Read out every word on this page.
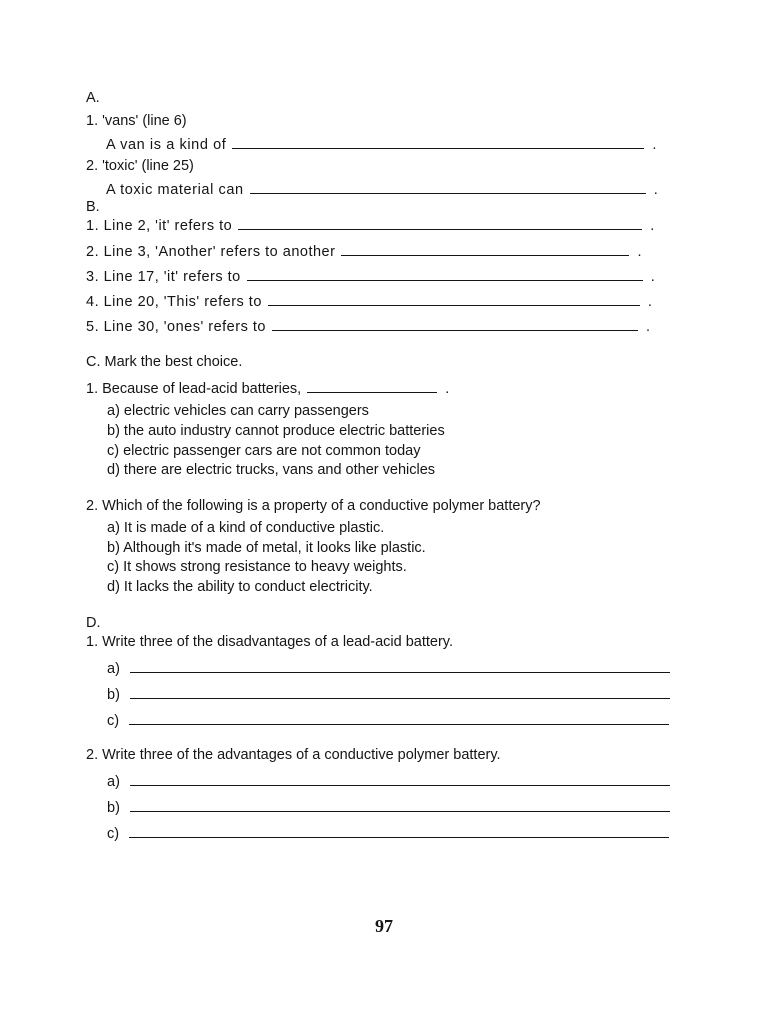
A.
1. 'vans' (line 6)
A van is a kind of	.
2. 'toxic' (line 25)
A toxic material can	.
B.
1. Line 2, 'it' refers to	.
2. Line 3, 'Another' refers to another	.
3. Line 17, 'it' refers to	.
4. Line 20, 'This' refers to	.
5. Line 30, 'ones' refers to	.
C. Mark the best choice.
1. Because of lead-acid batteries,	.
a) electric vehicles can carry passengers
b) the auto industry cannot produce electric batteries
c) electric passenger cars are not common today
d) there are electric trucks, vans and other vehicles
2. Which of the following is a property of a conductive polymer battery?
a) It is made of a kind of conductive plastic.
b) Although it's made of metal, it looks like plastic.
c) It shows strong resistance to heavy weights.
d) It lacks the ability to conduct electricity.
D.
1. Write three of the disadvantages of a lead-acid battery.
a)
b)
c)
2. Write three of the advantages of a conductive polymer battery.
a)
b)
c)
97
